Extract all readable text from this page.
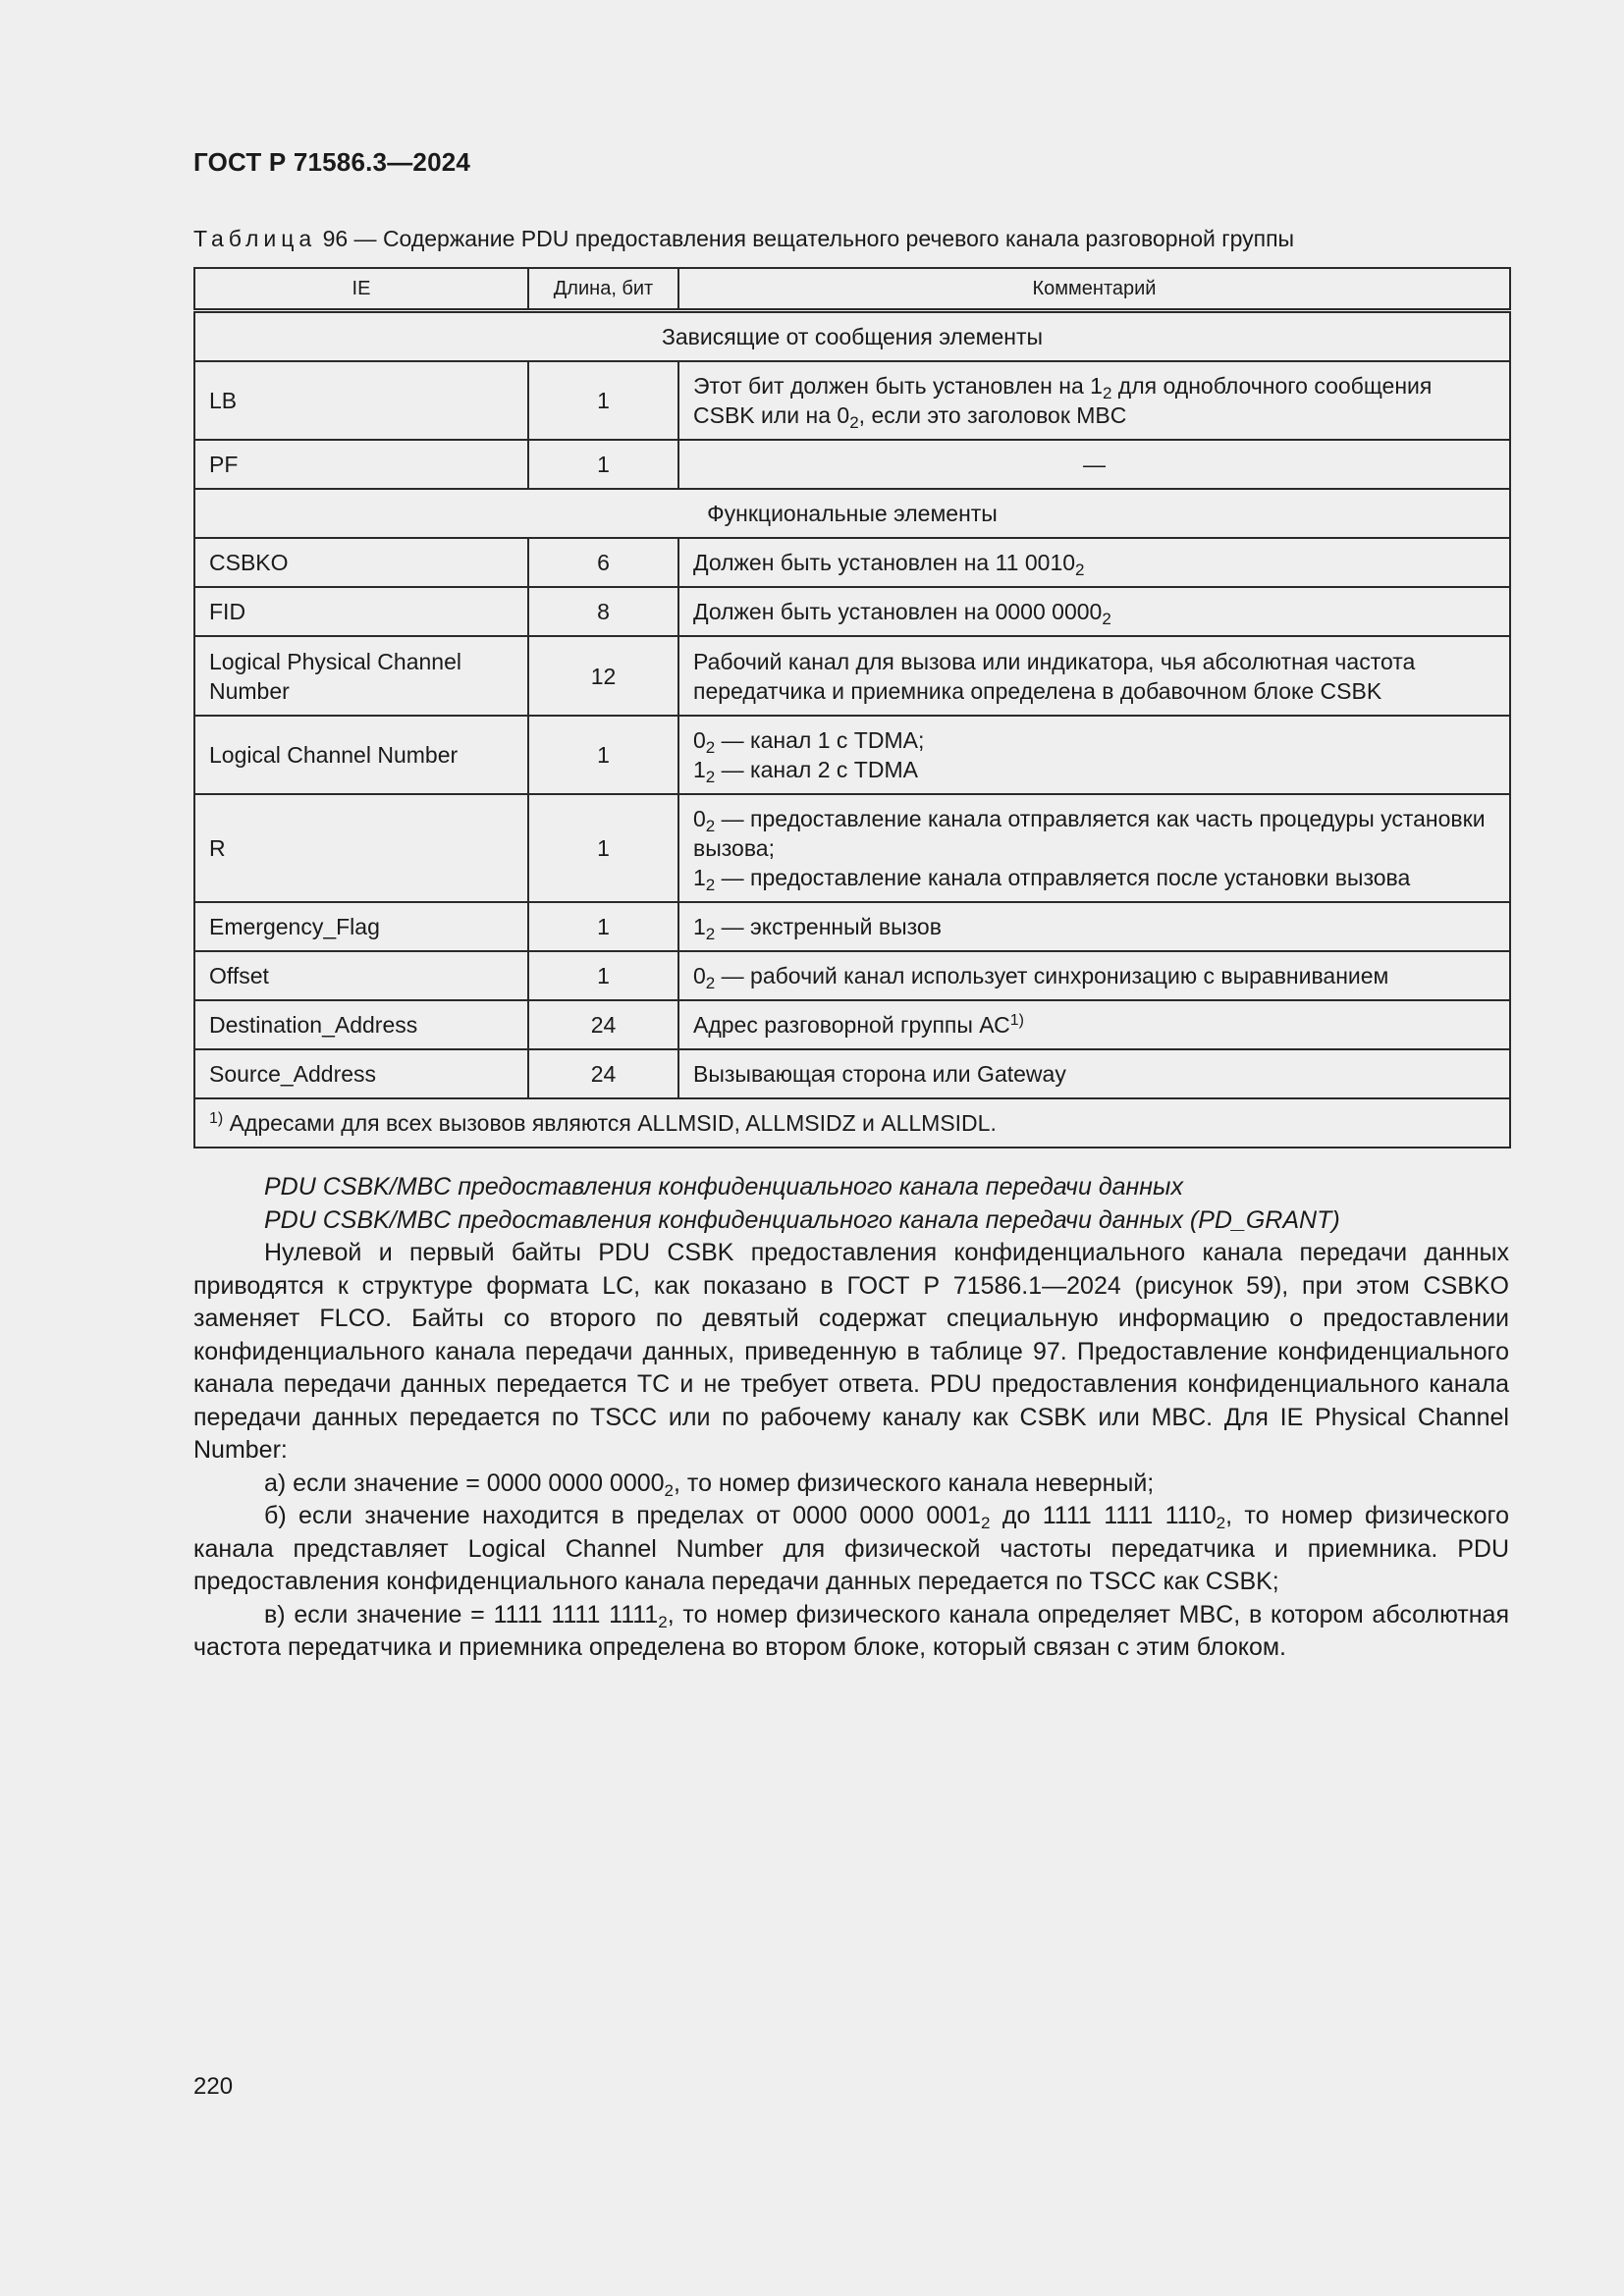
ГОСТ Р 71586.3—2024
Таблица 96 — Содержание PDU предоставления вещательного речевого канала разговорной группы
IE	Длина, бит	Комментарий
Зависящие от сообщения элементы		
LB	1	Этот бит должен быть установлен на $1_2$ для одноблочного сообщения CSBK или на $0_2$, если это заголовок MBC
PF	1	—
Функциональные элементы		
CSBKO	6	Должен быть установлен на 11 $0010_2$
FID	8	Должен быть установлен на 0000 $0000_2$
Logical Physical Channel Number	12	Рабочий канал для вызова или индикатора, чья абсолютная частота передатчика и приемника определена в добавочном блоке CSBK
Logical Channel Number	1	$0_2$ — канал 1 с TDMA;
$1_2$ — канал 2 с TDMA
R	1	$0_2$ — предоставление канала отправляется как часть процедуры установки вызова;
$1_2$ — предоставление канала отправляется после установки вызова
Emergency_Flag	1	$1_2$ — экстренный вызов
Offset	1	$0_2$ — рабочий канал использует синхронизацию с выравниванием
Destination_Address	24	Адрес разговорной группы АС$^{1)}$
Source_Address	24	Вызывающая сторона или Gateway
$^{1)}$ Адресами для всех вызовов являются ALLMSID, ALLMSIDZ и ALLMSIDL.		

PDU CSBK/MBC предоставления конфиденциального канала передачи данных

PDU CSBK/MBC предоставления конфиденциального канала передачи данных (PD_GRANT)

Нулевой и первый байты PDU CSBK предоставления конфиденциального канала передачи данных приводятся к структуре формата LC, как показано в ГОСТ Р 71586.1—2024 (рисунок 59), при этом CSBKO заменяет FLCO. Байты со второго по девятый содержат специальную информацию о предоставлении конфиденциального канала передачи данных, приведенную в таблице 97. Предоставление конфиденциального канала передачи данных передается TC и не требует ответа. PDU предоставления конфиденциального канала передачи данных передается по TSCC или по рабочему каналу как CSBK или MBC. Для IE Physical Channel Number:

а) если значение = 0000 0000 $0000_2$, то номер физического канала неверный;

б) если значение находится в пределах от 0000 0000 $0001_2$ до 1111 1111 $1110_2$, то номер физического канала представляет Logical Channel Number для физической частоты передатчика и приемника. PDU предоставления конфиденциального канала передачи данных передается по TSCC как CSBK;

в) если значение = 1111 1111 $1111_2$, то номер физического канала определяет MBC, в котором абсолютная частота передатчика и приемника определена во втором блоке, который связан с этим блоком.

220
